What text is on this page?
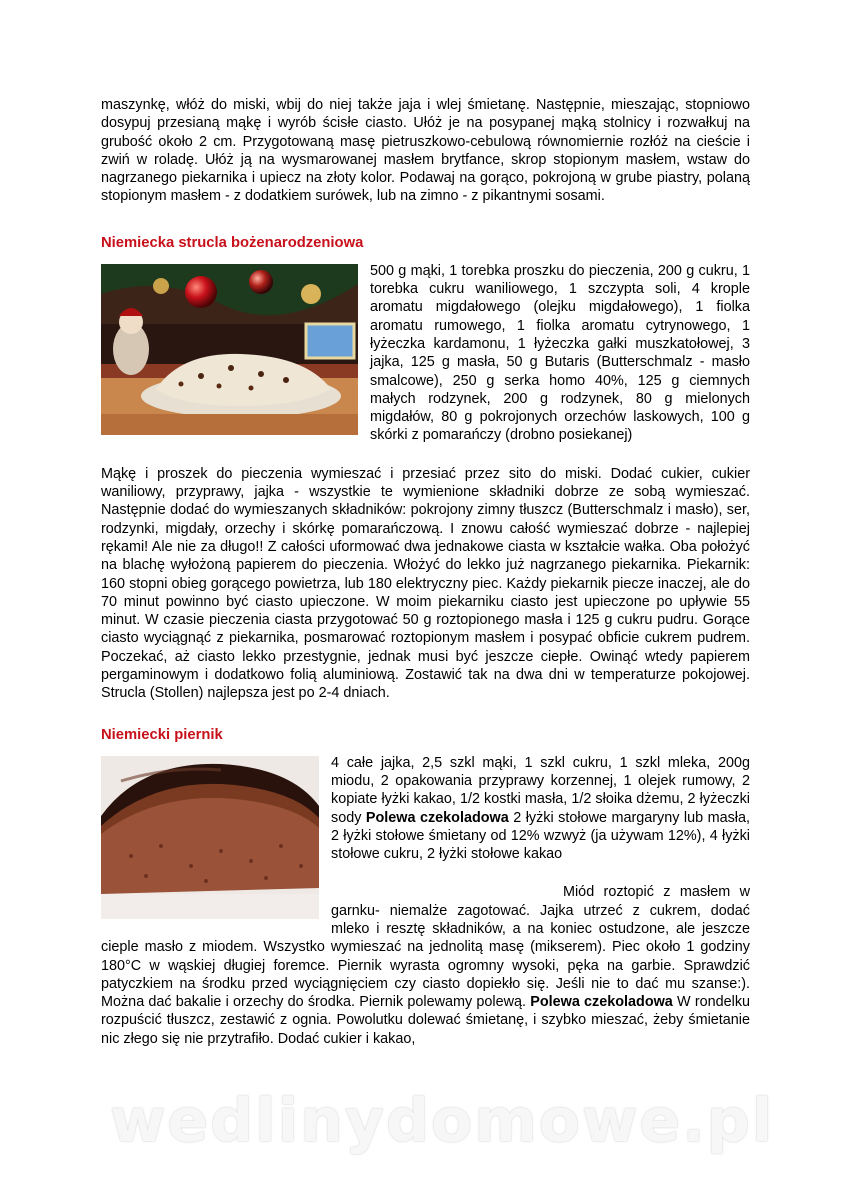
maszynkę, włóż do miski, wbij do niej także jaja i wlej śmietanę. Następnie, mieszając, stopniowo dosypuj przesianą mąkę i wyrób ścisłe ciasto. Ułóż je na posypanej mąką stolnicy i rozwałkuj na grubość około 2 cm. Przygotowaną masę pietruszkowo-cebulową równomiernie rozłóż na cieście i zwiń w roladę. Ułóż ją na wysmarowanej masłem brytfance, skrop stopionym masłem, wstaw do nagrzanego piekarnika i upiecz na złoty kolor. Podawaj na gorąco, pokrojoną w grube piastry, polaną stopionym masłem - z dodatkiem surówek, lub na zimno - z pikantnymi sosami.

Niemiecka strucla bożenarodzeniowa

500 g mąki, 1 torebka proszku do pieczenia, 200 g cukru, 1 torebka cukru waniliowego, 1 szczypta soli, 4 krople aromatu migdałowego (olejku migdałowego), 1 fiolka aromatu rumowego, 1 fiolka aromatu cytrynowego, 1 łyżeczka kardamonu, 1 łyżeczka gałki muszkatołowej, 3 jajka, 125 g masła, 50 g Butaris (Butterschmalz - masło smalcowe), 250 g serka homo 40%, 125 g ciemnych małych rodzynek, 200 g rodzynek, 80 g mielonych migdałów, 80 g pokrojonych orzechów laskowych, 100 g skórki z pomarańczy (drobno posiekanej)

Mąkę i proszek do pieczenia wymieszać i przesiać przez sito do miski. Dodać cukier, cukier waniliowy, przyprawy, jajka - wszystkie te wymienione składniki dobrze ze sobą wymieszać. Następnie dodać do wymieszanych składników: pokrojony zimny tłuszcz (Butterschmalz i masło), ser, rodzynki, migdały, orzechy i skórkę pomarańczową. I znowu całość wymieszać dobrze - najlepiej rękami! Ale nie za długo!! Z całości uformować dwa jednakowe ciasta w kształcie wałka. Oba położyć na blachę wyłożoną papierem do pieczenia. Włożyć do lekko już nagrzanego piekarnika. Piekarnik: 160 stopni obieg gorącego powietrza, lub 180 elektryczny piec. Każdy piekarnik piecze inaczej, ale do 70 minut powinno być ciasto upieczone. W moim piekarniku ciasto jest upieczone po upływie 55 minut. W czasie pieczenia ciasta przygotować 50 g roztopionego masła i 125 g cukru pudru. Gorące ciasto wyciągnąć z piekarnika, posmarować roztopionym masłem i posypać obficie cukrem pudrem. Poczekać, aż ciasto lekko przestygnie, jednak musi być jeszcze ciepłe. Owinąć wtedy papierem pergaminowym i dodatkowo folią aluminiową. Zostawić tak na dwa dni w temperaturze pokojowej. Strucla (Stollen) najlepsza jest po 2-4 dniach.

Niemiecki piernik

4 całe jajka, 2,5 szkl mąki, 1 szkl cukru, 1 szkl mleka, 200g miodu, 2 opakowania przyprawy korzennej, 1 olejek rumowy, 2 kopiate łyżki kakao, 1/2 kostki masła, 1/2 słoika dżemu, 2 łyżeczki sody Polewa czekoladowa 2 łyżki stołowe margaryny lub masła, 2 łyżki stołowe śmietany od 12% wzwyż (ja używam 12%), 4 łyżki stołowe cukru, 2 łyżki stołowe kakao

Miód roztopić z masłem w garnku- niemalże zagotować. Jajka utrzeć z cukrem, dodać mleko i resztę składników, a na koniec ostudzone, ale jeszcze cieple masło z miodem. Wszystko wymieszać na jednolitą masę (mikserem). Piec około 1 godziny 180°C w wąskiej długiej foremce. Piernik wyrasta ogromny wysoki, pęka na garbie. Sprawdzić patyczkiem na środku przed wyciągnięciem czy ciasto dopiekło się. Jeśli nie to dać mu szanse:). Można dać bakalie i orzechy do środka. Piernik polewamy polewą. Polewa czekoladowa W rondelku rozpuścić tłuszcz, zestawić z ognia. Powolutku dolewać śmietanę, i szybko mieszać, żeby śmietanie nic złego się nie przytrafiło. Dodać cukier i kakao,

wedlinydomowe.pl
